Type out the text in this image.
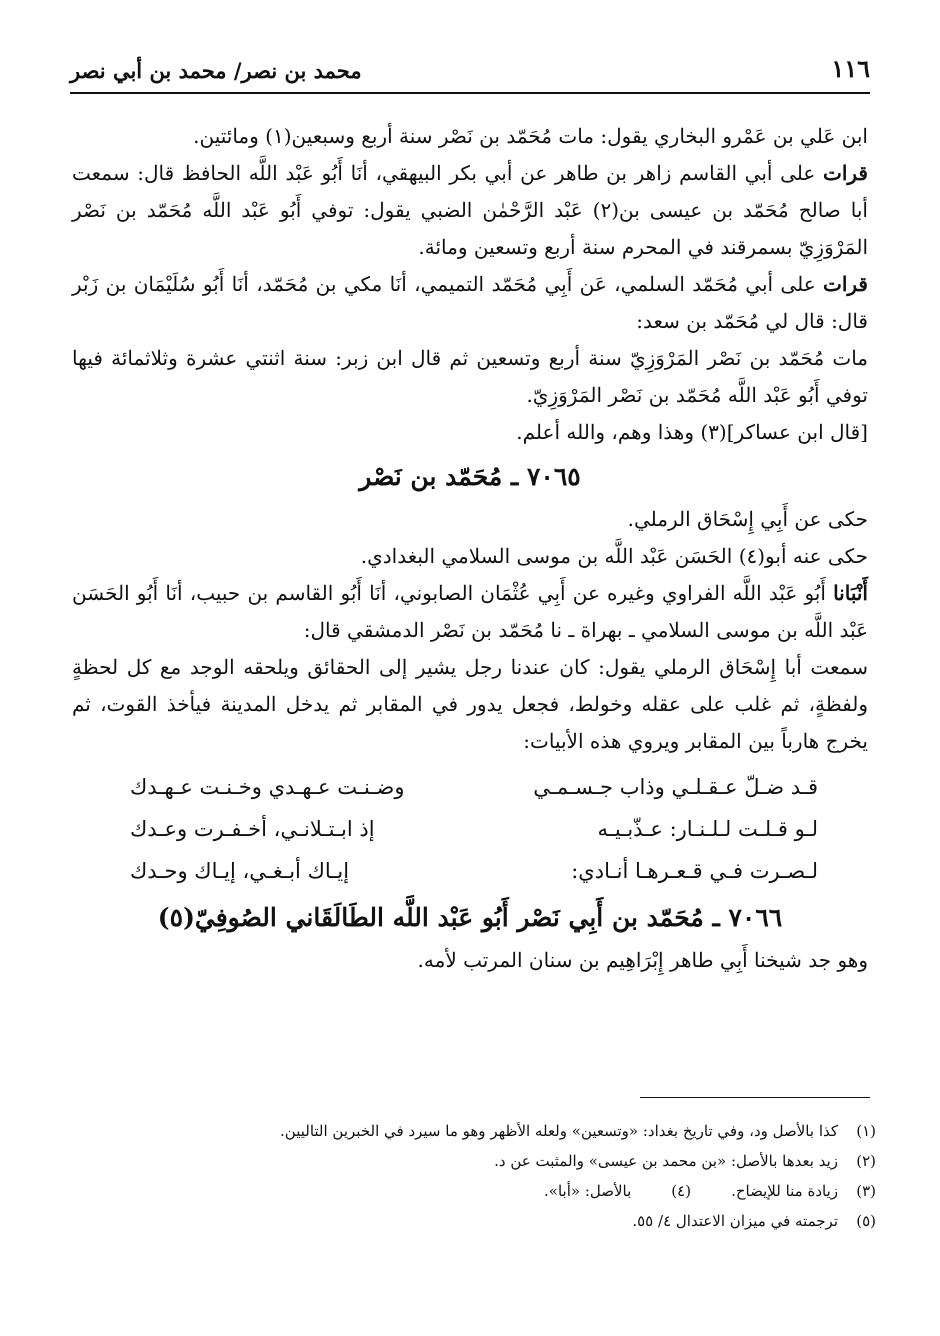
١١٦
محمد بن نصر/ محمد بن أبي نصر

ابن عَلي بن عَمْرو البخاري يقول: مات مُحَمّد بن نَصْر سنة أربع وسبعين(١) ومائتين.

قرات على أبي القاسم زاهر بن طاهر عن أبي بكر البيهقي، أنَا أَبُو عَبْد اللَّه الحافظ قال: سمعت أبا صالح مُحَمّد بن عيسى بن(٢) عَبْد الرَّحْمٰن الضبي يقول: توفي أَبُو عَبْد اللَّه مُحَمّد بن نَصْر المَرْوَزِيّ بسمرقند في المحرم سنة أربع وتسعين ومائة.

قرات على أبي مُحَمّد السلمي، عَن أَبِي مُحَمّد التميمي، أنَا مكي بن مُحَمّد، أنَا أَبُو سُلَيْمَان بن زَبْر قال: قال لي مُحَمّد بن سعد:

مات مُحَمّد بن نَصْر المَرْوَزِيّ سنة أربع وتسعين ثم قال ابن زبر: سنة اثنتي عشرة وثلاثمائة فيها توفي أَبُو عَبْد اللَّه مُحَمّد بن نَصْر المَرْوَزِيّ.

[قال ابن عساكر](٣) وهذا وهم، والله أعلم.

٧٠٦٥ ـ مُحَمّد بن نَصْر

حكى عن أَبِي إِسْحَاق الرملي.

حكى عنه أبو(٤) الحَسَن عَبْد اللَّه بن موسى السلامي البغدادي.

أَنْبَانا أَبُو عَبْد اللَّه الفراوي وغيره عن أَبِي عُثْمَان الصابوني، أنَا أَبُو القاسم بن حبيب، أنَا أَبُو الحَسَن عَبْد اللَّه بن موسى السلامي ـ بهراة ـ نا مُحَمّد بن نَصْر الدمشقي قال:

سمعت أبا إِسْحَاق الرملي يقول: كان عندنا رجل يشير إلى الحقائق ويلحقه الوجد مع كل لحظةٍ ولفظةٍ، ثم غلب على عقله وخولط، فجعل يدور في المقابر ثم يدخل المدينة فيأخذ القوت، ثم يخرج هارباً بين المقابر ويروي هذه الأبيات:

قـد ضـلّ عـقـلـي وذاب جـسـمـي
وضـنـت عـهـدي وخـنـت عـهـدك
لـو قـلـت لـلـنـار: عـذّبـيـه
إذ ابـتـلانـي، أخـفـرت وعـدك
لـصـرت فـي قـعـرهـا أنـادي:
إيـاك أبـغـي، إيـاك وحـدك
٧٠٦٦ ـ مُحَمّد بن أَبِي نَصْر أَبُو عَبْد اللَّه الطَالَقَاني الصُوفِيّ(٥)

وهو جد شيخنا أَبِي طاهر إِبْرَاهِيم بن سنان المرتب لأمه.

(١)
كذا بالأصل ود، وفي تاريخ بغداد: «وتسعين» ولعله الأظهر وهو ما سيرد في الخبرين التاليين.
(٢)
زيد بعدها بالأصل: «بن محمد بن عيسى» والمثبت عن د.
(٣)
زيادة منا للإيضاح.
(٤)
بالأصل: «أبا».
(٥)
ترجمته في ميزان الاعتدال ٤/ ٥٥.
